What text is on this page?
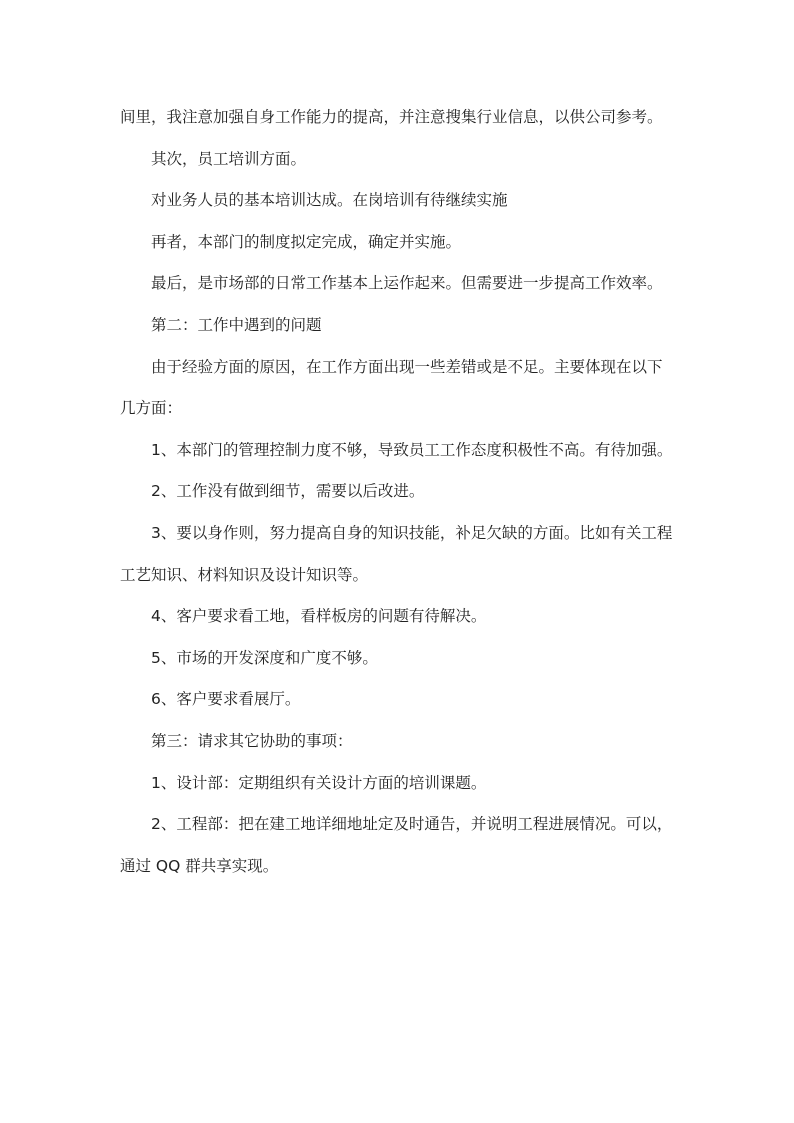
间里，我注意加强自身工作能力的提高，并注意搜集行业信息，以供公司参考。

其次，员工培训方面。

对业务人员的基本培训达成。在岗培训有待继续实施

再者，本部门的制度拟定完成，确定并实施。

最后，是市场部的日常工作基本上运作起来。但需要进一步提高工作效率。

第二：工作中遇到的问题

由于经验方面的原因，在工作方面出现一些差错或是不足。主要体现在以下几方面：

1、本部门的管理控制力度不够，导致员工工作态度积极性不高。有待加强。

2、工作没有做到细节，需要以后改进。

3、要以身作则，努力提高自身的知识技能，补足欠缺的方面。比如有关工程工艺知识、材料知识及设计知识等。

4、客户要求看工地，看样板房的问题有待解决。

5、市场的开发深度和广度不够。

6、客户要求看展厅。

第三：请求其它协助的事项：

1、设计部：定期组织有关设计方面的培训课题。

2、工程部：把在建工地详细地址定及时通告，并说明工程进展情况。可以，通过 QQ 群共享实现。
